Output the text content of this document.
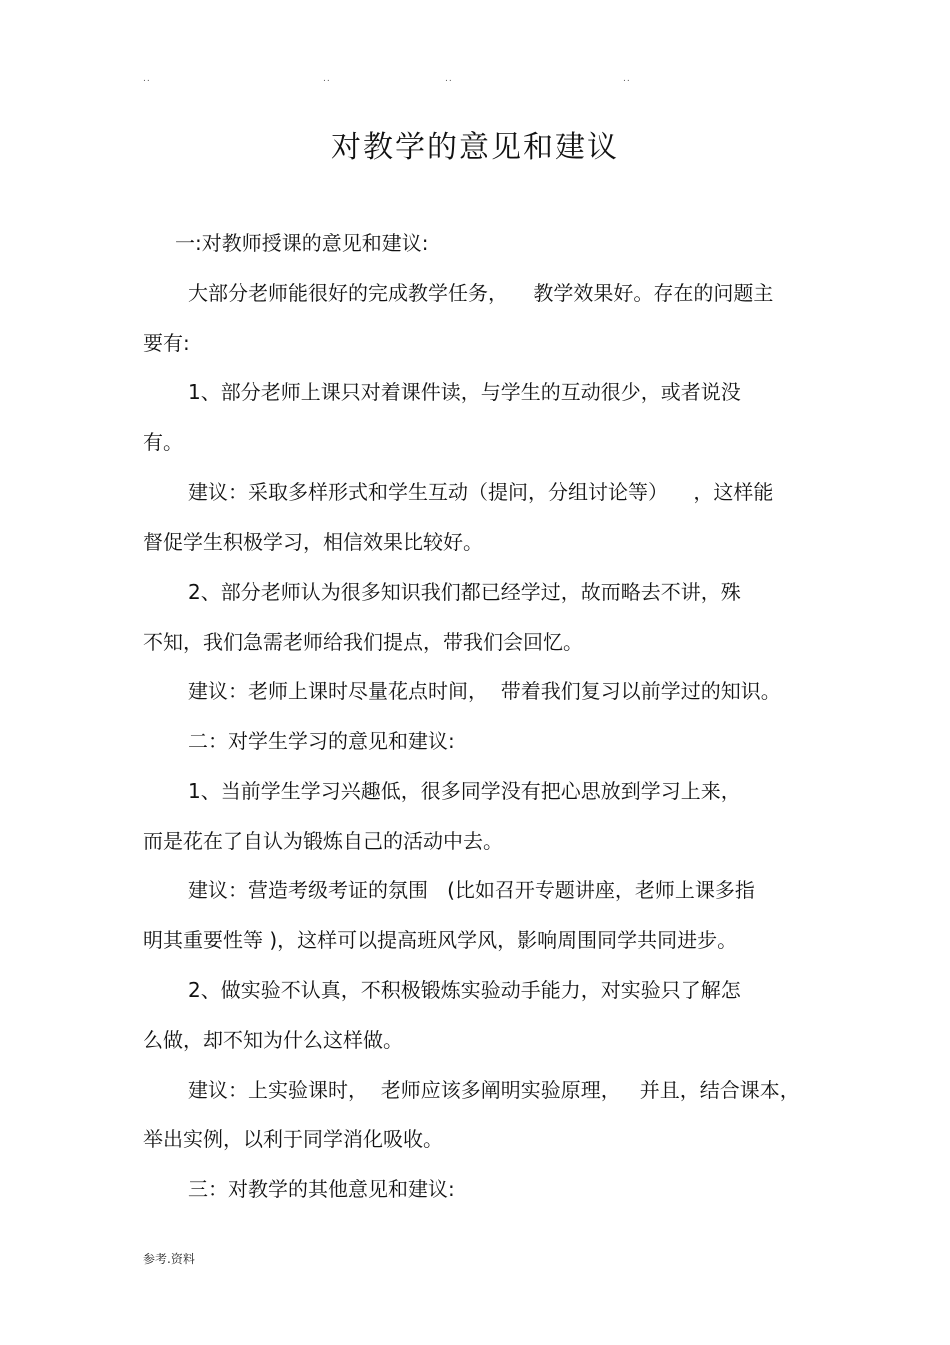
..	..	..	..
对教学的意见和建议
一:对教师授课的意见和建议:
大部分老师能很好的完成教学任务，    教学效果好。存在的问题主
要有:
1、部分老师上课只对着课件读，与学生的互动很少，或者说没
有。
建议：采取多样形式和学生互动（提问，分组讨论等）    ，这样能
督促学生积极学习，相信效果比较好。
2、部分老师认为很多知识我们都已经学过，故而略去不讲，殊
不知，我们急需老师给我们提点，带我们会回忆。
建议：老师上课时尽量花点时间，  带着我们复习以前学过的知识。
二：对学生学习的意见和建议:
1、当前学生学习兴趣低，很多同学没有把心思放到学习上来，
而是花在了自认为锻炼自己的活动中去。
建议：营造考级考证的氛围   (比如召开专题讲座，老师上课多指
明其重要性等 )，这样可以提高班风学风，影响周围同学共同进步。
2、做实验不认真，不积极锻炼实验动手能力，对实验只了解怎
么做，却不知为什么这样做。
建议：上实验课时，  老师应该多阐明实验原理，   并且，结合课本，
举出实例，以利于同学消化吸收。
三：对教学的其他意见和建议:
参考.资料
